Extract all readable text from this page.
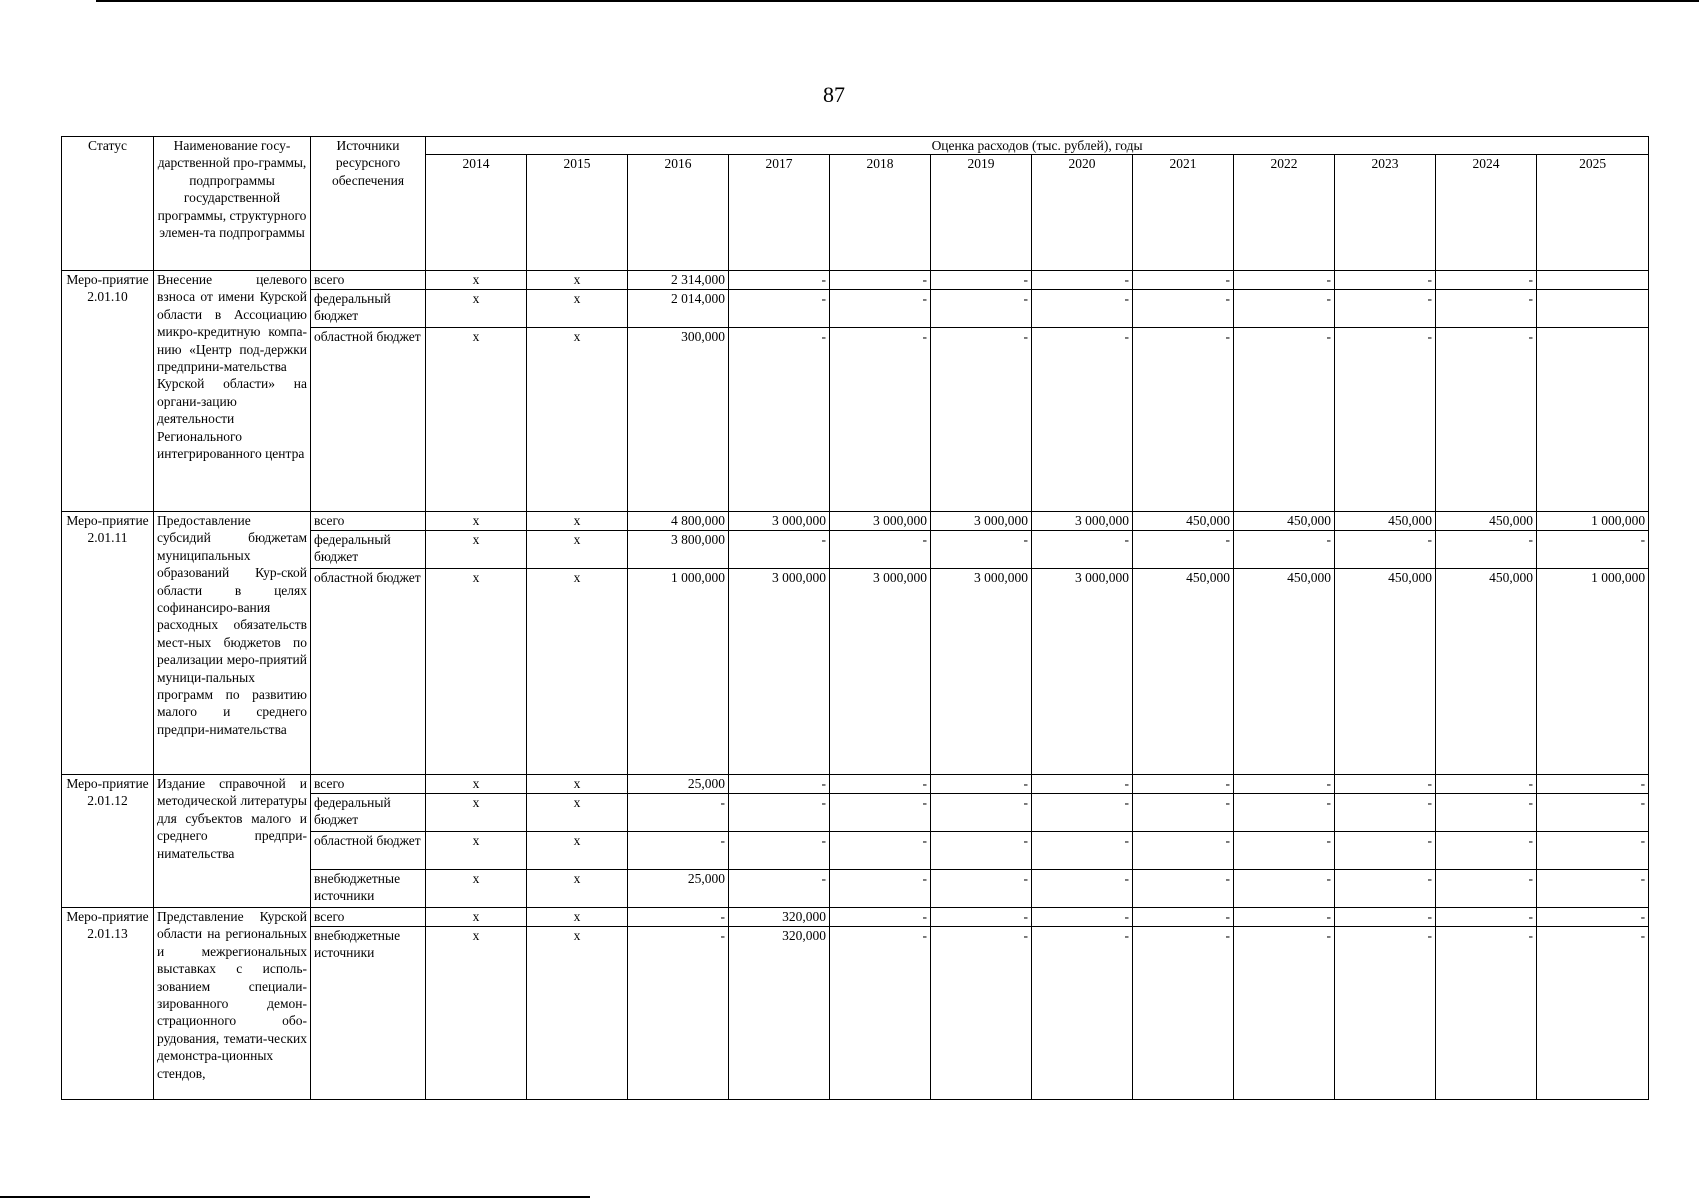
87
Статус	Наименование госу-дарственной про-граммы, подпрограммы государственной программы, структурного элемен-та подпрограммы	Источники ресурсного обеспечения	Оценка расходов (тыс. рублей), годы											
			2014	2015	2016	2017	2018	2019	2020	2021	2022	2023	2024	2025
Меро-приятие 2.01.10	Внесение целевого взноса от имени Курской области в Ассоциацию микро-кредитную компа-нию «Центр под-держки предприни-мательства Курской области» на органи-зацию деятельности Регионального интегрированного центра	всего	x	x	2 314,000	-	-	-	-	-	-	-	-	
		федеральный бюджет	x	x	2 014,000	-	-	-	-	-	-	-	-	
		областной бюджет	x	x	300,000	-	-	-	-	-	-	-	-	
Меро-приятие 2.01.11	Предоставление субсидий бюджетам муниципальных образований Кур-ской области в целях софинансиро-вания расходных обязательств мест-ных бюджетов по реализации меро-приятий муници-пальных программ по развитию малого и среднего предпри-нимательства	всего	x	x	4 800,000	3 000,000	3 000,000	3 000,000	3 000,000	450,000	450,000	450,000	450,000	1 000,000
		федеральный бюджет	x	x	3 800,000	-	-	-	-	-	-	-	-	-
		областной бюджет	x	x	1 000,000	3 000,000	3 000,000	3 000,000	3 000,000	450,000	450,000	450,000	450,000	1 000,000
Меро-приятие 2.01.12	Издание справочной и методической литературы для субъектов малого и среднего предпри-нимательства	всего	x	x	25,000	-	-	-	-	-	-	-	-	-
		федеральный бюджет	x	x	-	-	-	-	-	-	-	-	-	-
		областной бюджет	x	x	-	-	-	-	-	-	-	-	-	-
		внебюджетные источники	x	x	25,000	-	-	-	-	-	-	-	-	-
Меро-приятие 2.01.13	Представление Курской области на региональных и межрегиональных выставках с исполь-зованием специали-зированного демон-страционного обо-рудования, темати-ческих демонстра-ционных стендов,	всего	x	x	-	320,000	-	-	-	-	-	-	-	-
		внебюджетные источники	x	x	-	320,000	-	-	-	-	-	-	-	-
